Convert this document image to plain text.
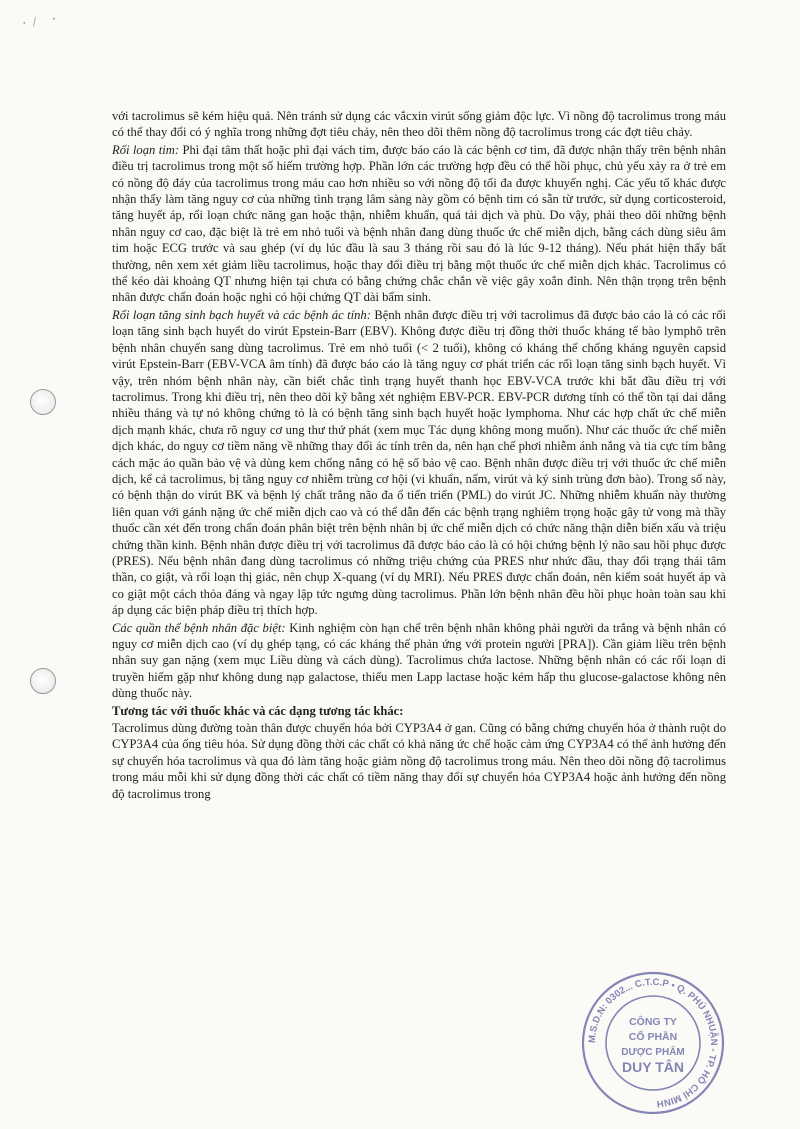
·/ ·

với tacrolimus sẽ kém hiệu quả. Nên tránh sử dụng các vắcxin virút sống giảm độc lực. Vì nồng độ tacrolimus trong máu có thể thay đổi có ý nghĩa trong những đợt tiêu chảy, nên theo dõi thêm nồng độ tacrolimus trong các đợt tiêu chảy.

Rối loạn tim: Phì đại tâm thất hoặc phì đại vách tim, được báo cáo là các bệnh cơ tim, đã được nhận thấy trên bệnh nhân điều trị tacrolimus trong một số hiếm trường hợp. Phần lớn các trường hợp đều có thể hồi phục, chủ yếu xảy ra ở trẻ em có nồng độ đáy của tacrolimus trong máu cao hơn nhiều so với nồng độ tối đa được khuyến nghị. Các yếu tố khác được nhận thấy làm tăng nguy cơ của những tình trạng lâm sàng này gồm có bệnh tim có sẵn từ trước, sử dụng corticosteroid, tăng huyết áp, rối loạn chức năng gan hoặc thận, nhiễm khuẩn, quá tải dịch và phù. Do vậy, phải theo dõi những bệnh nhân nguy cơ cao, đặc biệt là trẻ em nhỏ tuổi và bệnh nhân đang dùng thuốc ức chế miễn dịch, bằng cách dùng siêu âm tim hoặc ECG trước và sau ghép (ví dụ lúc đầu là sau 3 tháng rồi sau đó là lúc 9-12 tháng). Nếu phát hiện thấy bất thường, nên xem xét giảm liều tacrolimus, hoặc thay đổi điều trị bằng một thuốc ức chế miễn dịch khác. Tacrolimus có thể kéo dài khoảng QT nhưng hiện tại chưa có bằng chứng chắc chắn về việc gây xoắn đỉnh. Nên thận trọng trên bệnh nhân được chẩn đoán hoặc nghi có hội chứng QT dài bẩm sinh.

Rối loạn tăng sinh bạch huyết và các bệnh ác tính: Bệnh nhân được điều trị với tacrolimus đã được báo cáo là có các rối loạn tăng sinh bạch huyết do virút Epstein-Barr (EBV). Không được điều trị đồng thời thuốc kháng tế bào lymphô trên bệnh nhân chuyển sang dùng tacrolimus. Trẻ em nhỏ tuổi (< 2 tuổi), không có kháng thể chống kháng nguyên capsid virút Epstein-Barr (EBV-VCA âm tính) đã được báo cáo là tăng nguy cơ phát triển các rối loạn tăng sinh bạch huyết. Vì vậy, trên nhóm bệnh nhân này, cần biết chắc tình trạng huyết thanh học EBV-VCA trước khi bắt đầu điều trị với tacrolimus. Trong khi điều trị, nên theo dõi kỹ bằng xét nghiệm EBV-PCR. EBV-PCR dương tính có thể tồn tại dai dẳng nhiều tháng và tự nó không chứng tỏ là có bệnh tăng sinh bạch huyết hoặc lymphoma. Như các hợp chất ức chế miễn dịch mạnh khác, chưa rõ nguy cơ ung thư thứ phát (xem mục Tác dụng không mong muốn). Như các thuốc ức chế miễn dịch khác, do nguy cơ tiềm năng về những thay đổi ác tính trên da, nên hạn chế phơi nhiễm ánh nắng và tia cực tím bằng cách mặc áo quần bảo vệ và dùng kem chống nắng có hệ số bảo vệ cao. Bệnh nhân được điều trị với thuốc ức chế miễn dịch, kể cả tacrolimus, bị tăng nguy cơ nhiễm trùng cơ hội (vi khuẩn, nấm, virút và ký sinh trùng đơn bào). Trong số này, có bệnh thận do virút BK và bệnh lý chất trắng não đa ổ tiến triển (PML) do virút JC. Những nhiễm khuẩn này thường liên quan với gánh nặng ức chế miễn dịch cao và có thể dẫn đến các bệnh trạng nghiêm trọng hoặc gây tử vong mà thầy thuốc cần xét đến trong chẩn đoán phân biệt trên bệnh nhân bị ức chế miễn dịch có chức năng thận diễn biến xấu và triệu chứng thần kinh. Bệnh nhân được điều trị với tacrolimus đã được báo cáo là có hội chứng bệnh lý não sau hồi phục được (PRES). Nếu bệnh nhân đang dùng tacrolimus có những triệu chứng của PRES như nhức đầu, thay đổi trạng thái tâm thần, co giật, và rối loạn thị giác, nên chụp X-quang (ví dụ MRI). Nếu PRES được chẩn đoán, nên kiểm soát huyết áp và co giật một cách thỏa đáng và ngay lập tức ngưng dùng tacrolimus. Phần lớn bệnh nhân đều hồi phục hoàn toàn sau khi áp dụng các biện pháp điều trị thích hợp.

Các quần thể bệnh nhân đặc biệt: Kinh nghiệm còn hạn chế trên bệnh nhân không phải người da trắng và bệnh nhân có nguy cơ miễn dịch cao (ví dụ ghép tạng, có các kháng thể phản ứng với protein người [PRA]). Cần giảm liều trên bệnh nhân suy gan nặng (xem mục Liều dùng và cách dùng). Tacrolimus chứa lactose. Những bệnh nhân có các rối loạn di truyền hiếm gặp như không dung nạp galactose, thiếu men Lapp lactase hoặc kém hấp thu glucose-galactose không nên dùng thuốc này.

Tương tác với thuốc khác và các dạng tương tác khác:

Tacrolimus dùng đường toàn thân được chuyển hóa bởi CYP3A4 ở gan. Cũng có bằng chứng chuyển hóa ở thành ruột do CYP3A4 của ống tiêu hóa. Sử dụng đồng thời các chất có khả năng ức chế hoặc cảm ứng CYP3A4 có thể ảnh hưởng đến sự chuyển hóa tacrolimus và qua đó làm tăng hoặc giảm nồng độ tacrolimus trong máu. Nên theo dõi nồng độ tacrolimus trong máu mỗi khi sử dụng đồng thời các chất có tiềm năng thay đổi sự chuyển hóa CYP3A4 hoặc ảnh hưởng đến nồng độ tacrolimus trong

M.S.D.N: 0302... C.T.C.P • Q. PHÚ NHUẬN - TP. HỒ CHÍ MINH
CÔNG TY
CỔ PHẦN
DƯỢC PHẨM
DUY TÂN
